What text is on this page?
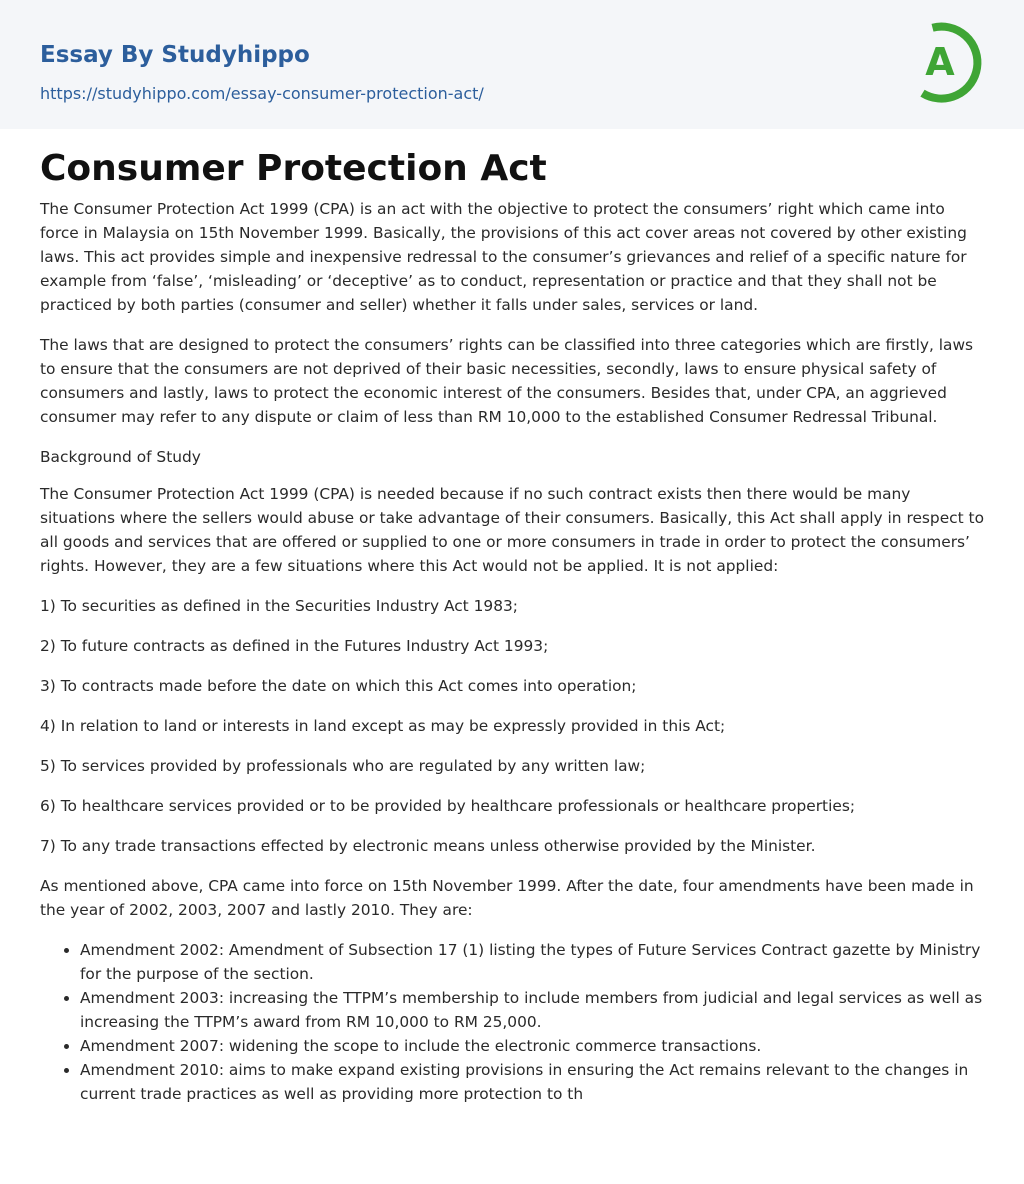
Essay By Studyhippo
https://studyhippo.com/essay-consumer-protection-act/
A
Consumer Protection Act

The Consumer Protection Act 1999 (CPA) is an act with the objective to protect the consumers’ right which came into force in Malaysia on 15th November 1999. Basically, the provisions of this act cover areas not covered by other existing laws. This act provides simple and inexpensive redressal to the consumer’s grievances and relief of a specific nature for example from ‘false’, ‘misleading’ or ‘deceptive’ as to conduct, representation or practice and that they shall not be practiced by both parties (consumer and seller) whether it falls under sales, services or land.

The laws that are designed to protect the consumers’ rights can be classified into three categories which are firstly, laws to ensure that the consumers are not deprived of their basic necessities, secondly, laws to ensure physical safety of consumers and lastly, laws to protect the economic interest of the consumers. Besides that, under CPA, an aggrieved consumer may refer to any dispute or claim of less than RM 10,000 to the established Consumer Redressal Tribunal.

Background of Study

The Consumer Protection Act 1999 (CPA) is needed because if no such contract exists then there would be many situations where the sellers would abuse or take advantage of their consumers. Basically, this Act shall apply in respect to all goods and services that are offered or supplied to one or more consumers in trade in order to protect the consumers’ rights. However, they are a few situations where this Act would not be applied. It is not applied:

1) To securities as defined in the Securities Industry Act 1983;

2) To future contracts as defined in the Futures Industry Act 1993;

3) To contracts made before the date on which this Act comes into operation;

4) In relation to land or interests in land except as may be expressly provided in this Act;

5) To services provided by professionals who are regulated by any written law;

6) To healthcare services provided or to be provided by healthcare professionals or healthcare properties;

7) To any trade transactions effected by electronic means unless otherwise provided by the Minister.

As mentioned above, CPA came into force on 15th November 1999. After the date, four amendments have been made in the year of 2002, 2003, 2007 and lastly 2010. They are:

• Amendment 2002: Amendment of Subsection 17 (1) listing the types of Future Services Contract gazette by Ministry for the purpose of the section.
• Amendment 2003: increasing the TTPM’s membership to include members from judicial and legal services as well as increasing the TTPM’s award from RM 10,000 to RM 25,000.
• Amendment 2007: widening the scope to include the electronic commerce transactions.
• Amendment 2010: aims to make expand existing provisions in ensuring the Act remains relevant to the changes in current trade practices as well as providing more protection to th
